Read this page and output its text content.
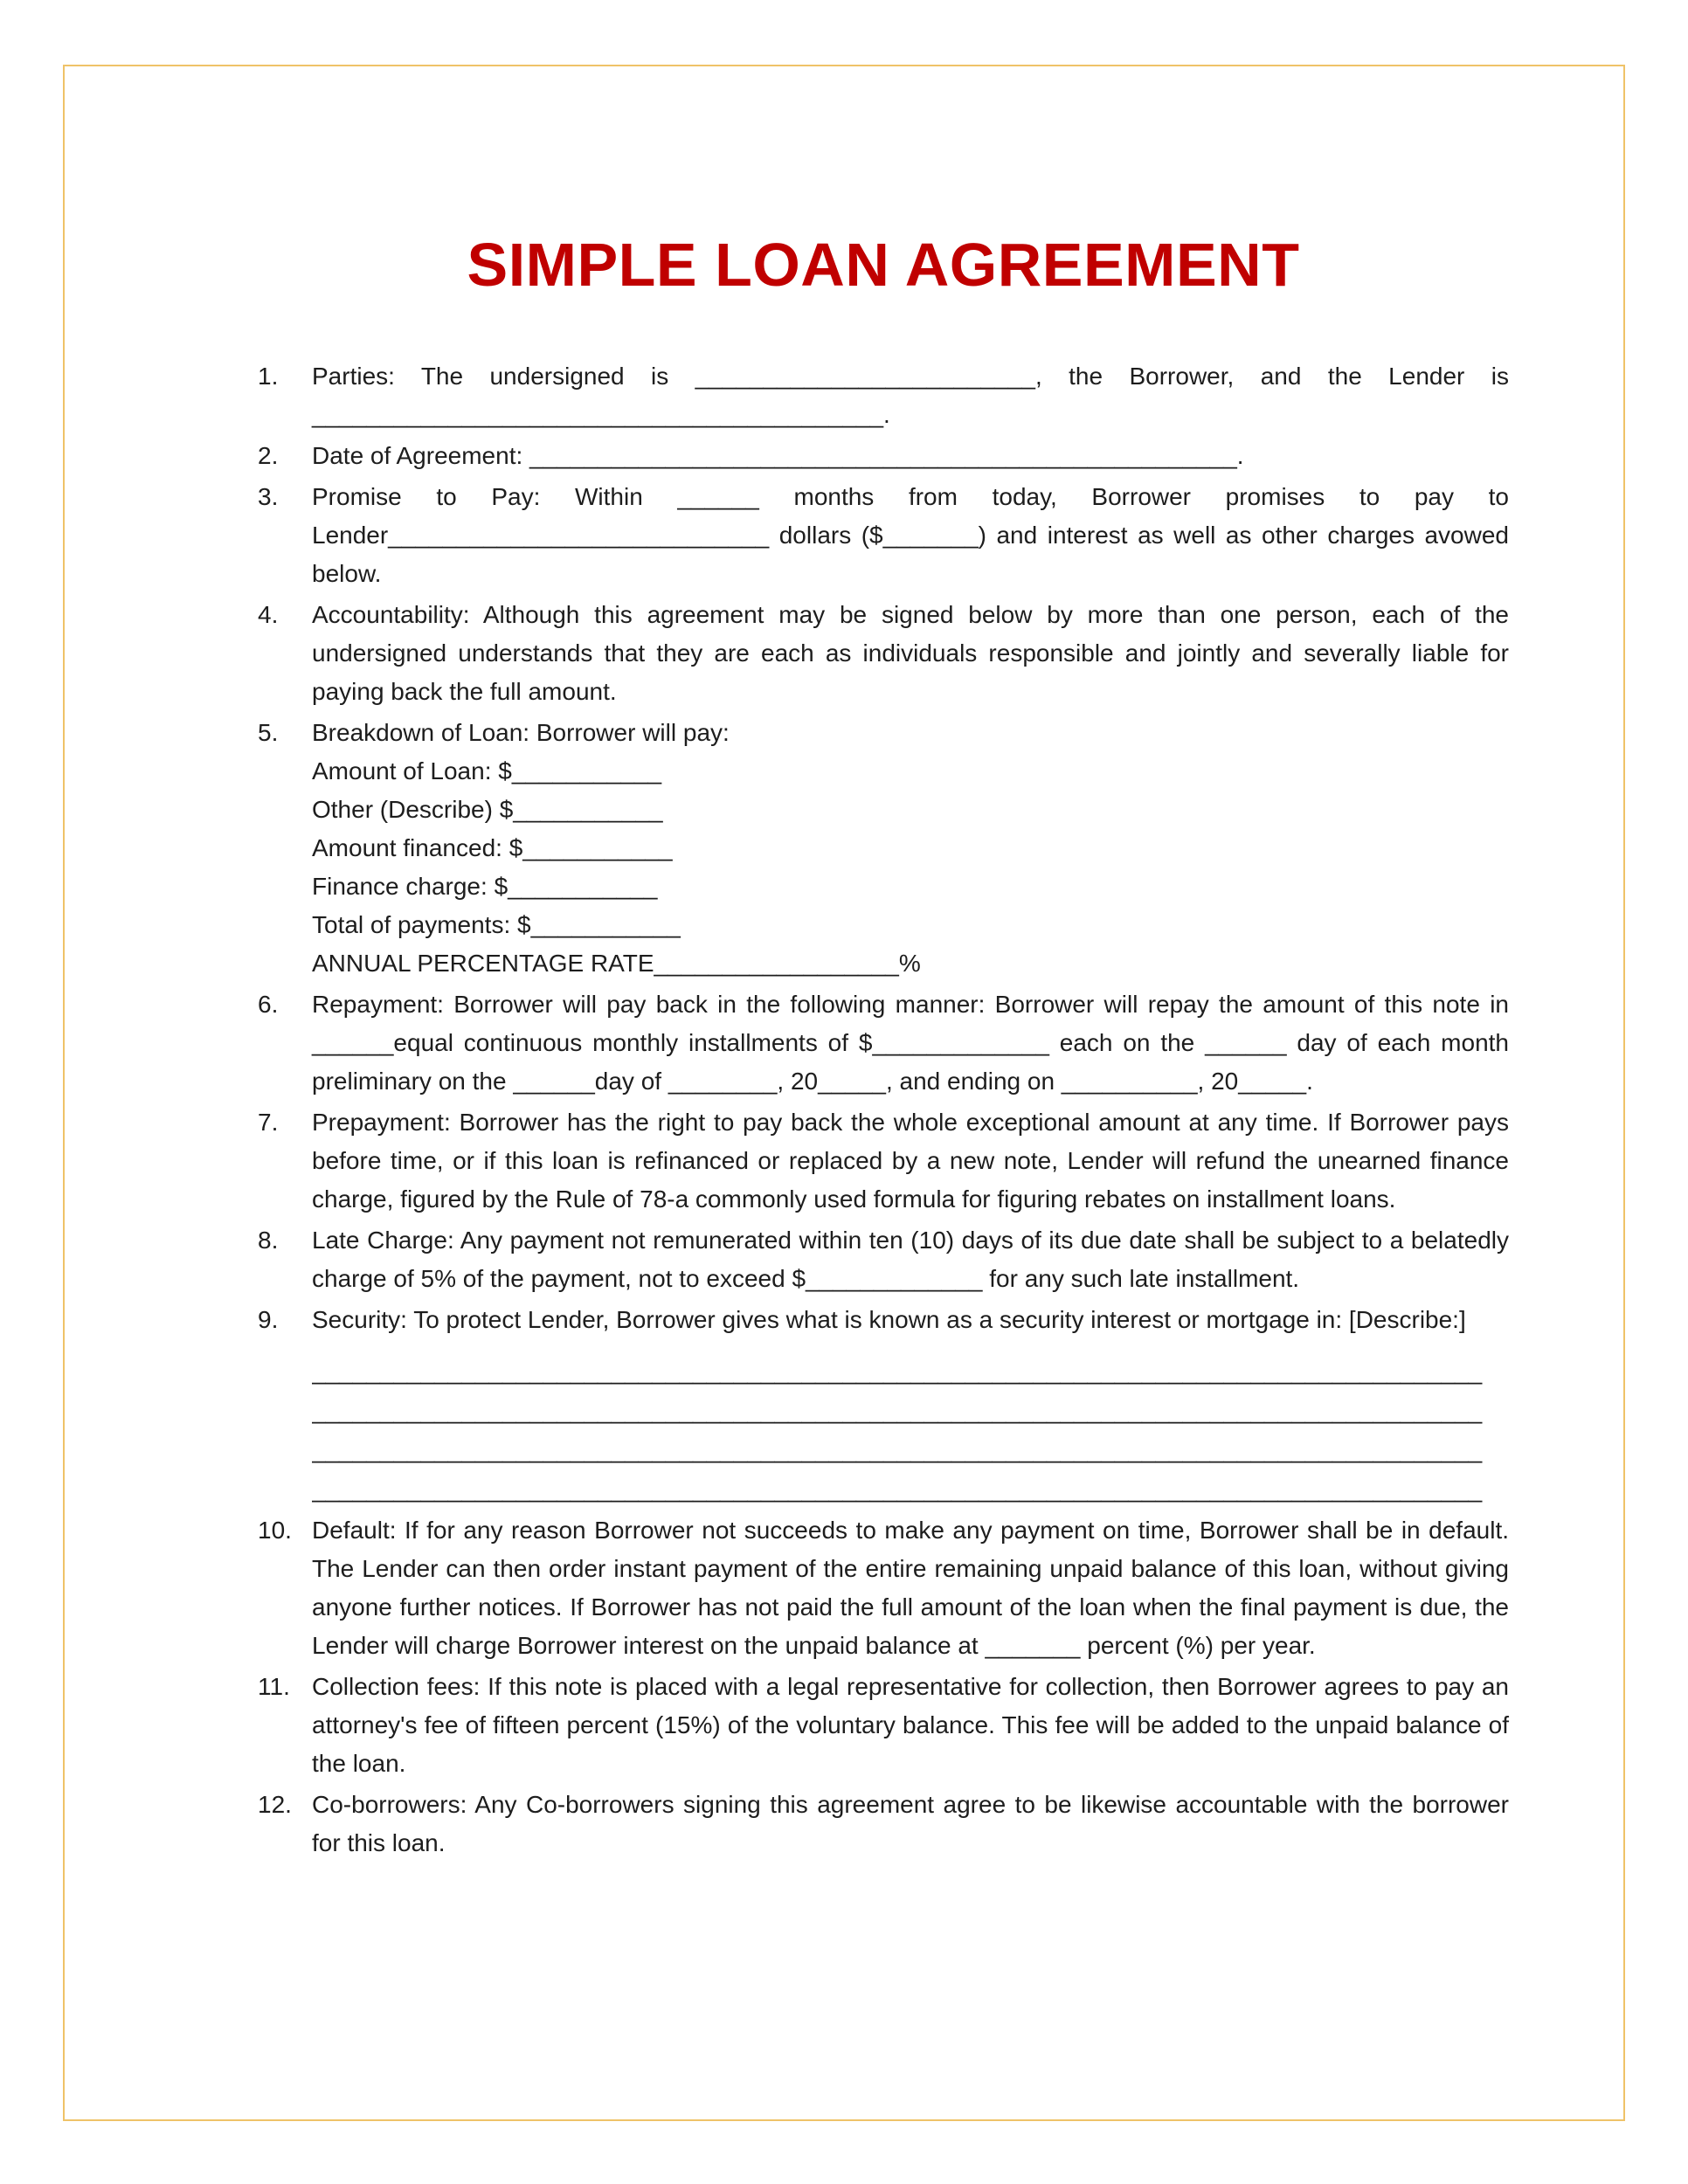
SIMPLE LOAN AGREEMENT
1.	Parties: The undersigned is _________________________, the Borrower, and the Lender is __________________________________________.
2.	Date of Agreement: ____________________________________________________.
3.	Promise to Pay: Within ______ months from today, Borrower promises to pay to Lender____________________________ dollars ($_______) and interest as well as other charges avowed below.
4.	Accountability: Although this agreement may be signed below by more than one person, each of the undersigned understands that they are each as individuals responsible and jointly and severally liable for paying back the full amount.
5.	Breakdown of Loan: Borrower will pay:
Amount of Loan: $___________
Other (Describe) $___________
Amount financed: $___________
Finance charge: $___________
Total of payments: $___________
ANNUAL PERCENTAGE RATE__________________%
6.	Repayment: Borrower will pay back in the following manner: Borrower will repay the amount of this note in ______equal continuous monthly installments of $_____________ each on the ______ day of each month preliminary on the ______day of ________, 20_____, and ending on __________, 20_____.
7.	Prepayment: Borrower has the right to pay back the whole exceptional amount at any time. If Borrower pays before time, or if this loan is refinanced or replaced by a new note, Lender will refund the unearned finance charge, figured by the Rule of 78-a commonly used formula for figuring rebates on installment loans.
8.	Late Charge: Any payment not remunerated within ten (10) days of its due date shall be subject to a belatedly charge of 5% of the payment, not to exceed $_____________ for any such late installment.
9.	Security: To protect Lender, Borrower gives what is known as a security interest or mortgage in: [Describe:]
______________________________________________________________________________________
______________________________________________________________________________________
______________________________________________________________________________________
______________________________________________________________________________________
10. Default: If for any reason Borrower not succeeds to make any payment on time, Borrower shall be in default. The Lender can then order instant payment of the entire remaining unpaid balance of this loan, without giving anyone further notices. If Borrower has not paid the full amount of the loan when the final payment is due, the Lender will charge Borrower interest on the unpaid balance at _______ percent (%) per year.
11. Collection fees: If this note is placed with a legal representative for collection, then Borrower agrees to pay an attorney's fee of fifteen percent (15%) of the voluntary balance. This fee will be added to the unpaid balance of the loan.
12. Co-borrowers: Any Co-borrowers signing this agreement agree to be likewise accountable with the borrower for this loan.
